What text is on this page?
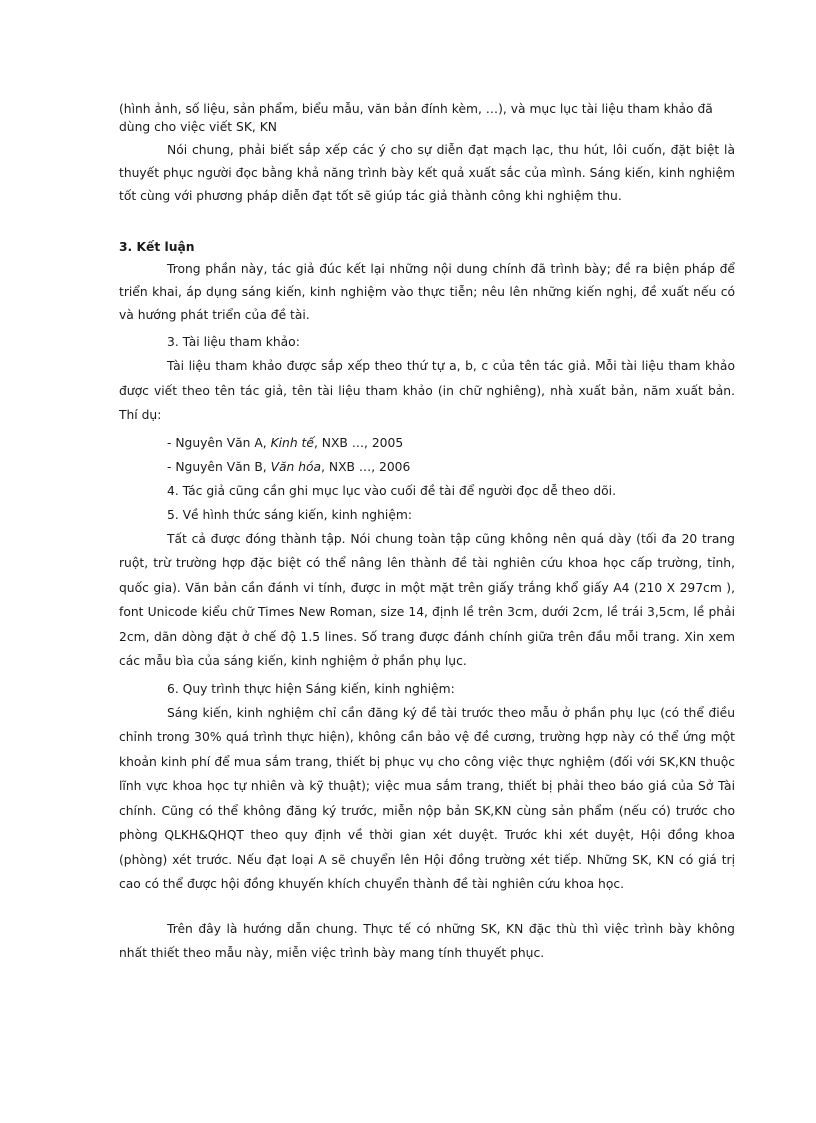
(hình ảnh, số liệu, sản phẩm, biểu mẫu, văn bản đính kèm, …), và mục lục tài liệu tham khảo đã
dùng cho việc viết SK, KN

Nói chung, phải biết sắp xếp các ý cho sự diễn đạt mạch lạc, thu hút, lôi cuốn, đặt biệt là thuyết phục người đọc bằng khả năng trình bày kết quả xuất sắc của mình. Sáng kiến, kinh nghiệm tốt cùng với phương pháp diễn đạt tốt sẽ giúp tác giả thành công khi nghiệm thu.

3. Kết luận

Trong phần này, tác giả đúc kết lại những nội dung chính đã trình bày; đề ra biện pháp để triển khai, áp dụng sáng kiến, kinh nghiệm vào thực tiễn; nêu lên những kiến nghị, đề xuất nếu có và hướng phát triển của đề tài.

3. Tài liệu tham khảo:

Tài liệu tham khảo được sắp xếp theo thứ tự a, b, c của tên tác giả. Mỗi tài liệu tham khảo được viết theo tên tác giả, tên tài liệu tham khảo (in chữ nghiêng), nhà xuất bản, năm xuất bản. Thí dụ:

- Nguyên Văn A, Kinh tế, NXB …, 2005

- Nguyên Văn B, Văn hóa, NXB …, 2006

4. Tác giả cũng cần ghi mục lục vào cuối đề tài để người đọc dễ theo dõi.

5. Về hình thức sáng kiến, kinh nghiệm:

Tất cả được đóng thành tập. Nói chung toàn tập cũng không nên quá dày (tối đa 20 trang ruột, trừ trường hợp đặc biệt có thể nâng lên thành đề tài nghiên cứu khoa học cấp trường, tỉnh, quốc gia). Văn bản cần đánh vi tính, được in một mặt trên giấy trắng khổ giấy A4 (210 X 297cm ), font Unicode kiểu chữ Times New Roman, size 14, định lề trên 3cm, dưới 2cm, lề trái 3,5cm, lề phải 2cm, dãn dòng đặt ở chế độ 1.5 lines. Số trang được đánh chính giữa trên đầu mỗi trang. Xin xem các mẫu bìa của sáng kiến, kinh nghiệm ở phần phụ lục.

6. Quy trình thực hiện Sáng kiến, kinh nghiệm:

Sáng kiến, kinh nghiệm chỉ cần đăng ký đề tài trước theo mẫu ở phần phụ lục (có thể điều chỉnh trong 30% quá trình thực hiện), không cần bảo vệ đề cương, trường hợp này có thể ứng một khoản kinh phí để mua sắm trang, thiết bị phục vụ cho công việc thực nghiệm (đối với SK,KN thuộc lĩnh vực khoa học tự nhiên và kỹ thuật); việc mua sắm trang, thiết bị phải theo báo giá của Sở Tài chính. Cũng có thể không đăng ký trước, miễn nộp bản SK,KN cùng sản phẩm (nếu có) trước cho phòng QLKH&QHQT theo quy định về thời gian xét duyệt. Trước khi xét duyệt, Hội đồng khoa (phòng) xét trước. Nếu đạt loại A sẽ chuyển lên Hội đồng trường xét tiếp. Những SK, KN có giá trị cao có thể được hội đồng khuyến khích chuyển thành đề tài nghiên cứu khoa học.

Trên đây là hướng dẫn chung. Thực tế có những SK, KN đặc thù thì việc trình bày không nhất thiết theo mẫu này, miễn việc trình bày mang tính thuyết phục.
